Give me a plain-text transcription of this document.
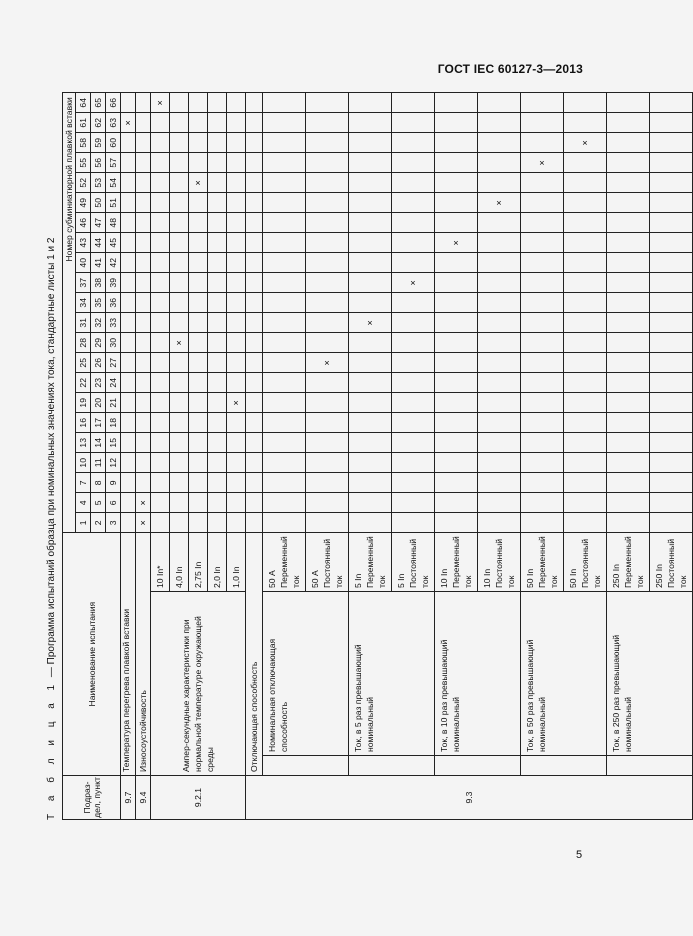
ГОСТ IEC 60127-3—2013
Т а б л и ц а 1 — Программа испытаний образца при номинальных значениях тока, стандартные листы 1 и 2
Подраз-дел, пункт	Наименование испытания			Номер субминиатюрной плавкой вставки																					
				1	4	7	10	13	16	19	22	25	28	31	34	37	40	43	46	49	52	55	58	61	64
				2	5	8	11	14	17	20	23	26	29	32	35	38	41	44	47	50	53	56	59	62	65
				3	6	9	12	15	18	21	24	27	30	33	36	39	42	45	48	51	54	57	60	63	66
9.7	Температура перегрева плавкой вставки																							×	
9.4	Износоустойчивость			×	×																				
9.2.1	Ампер-секундные характеристики при нормальной температуре окружающей среды		10 In*																						×
			4,0 In										×												
			2,75 In																		×				
			2,0 In																						
			1,0 In							×															
9.3	Отключающая способность																								
		Номинальная отключающая способность	50 А Переменный ток																						

			50 А Постоянный ток									×													
		Ток, в 5 раз превышающий номинальный	5 In Переменный ток											×											

			5 In Постоянный ток													×									
		Ток, в 10 раз превышающий номинальный	10 In Переменный ток															×							

			10 In Постоянный ток																	×					
		Ток, в 50 раз превышающий номинальный	50 In Переменный ток																			×			

			50 In Постоянный ток																				×		
		Ток, в 250 раз превышающий номинальный	250 In Переменный ток																						

			250 In Постоянный ток																						

5
